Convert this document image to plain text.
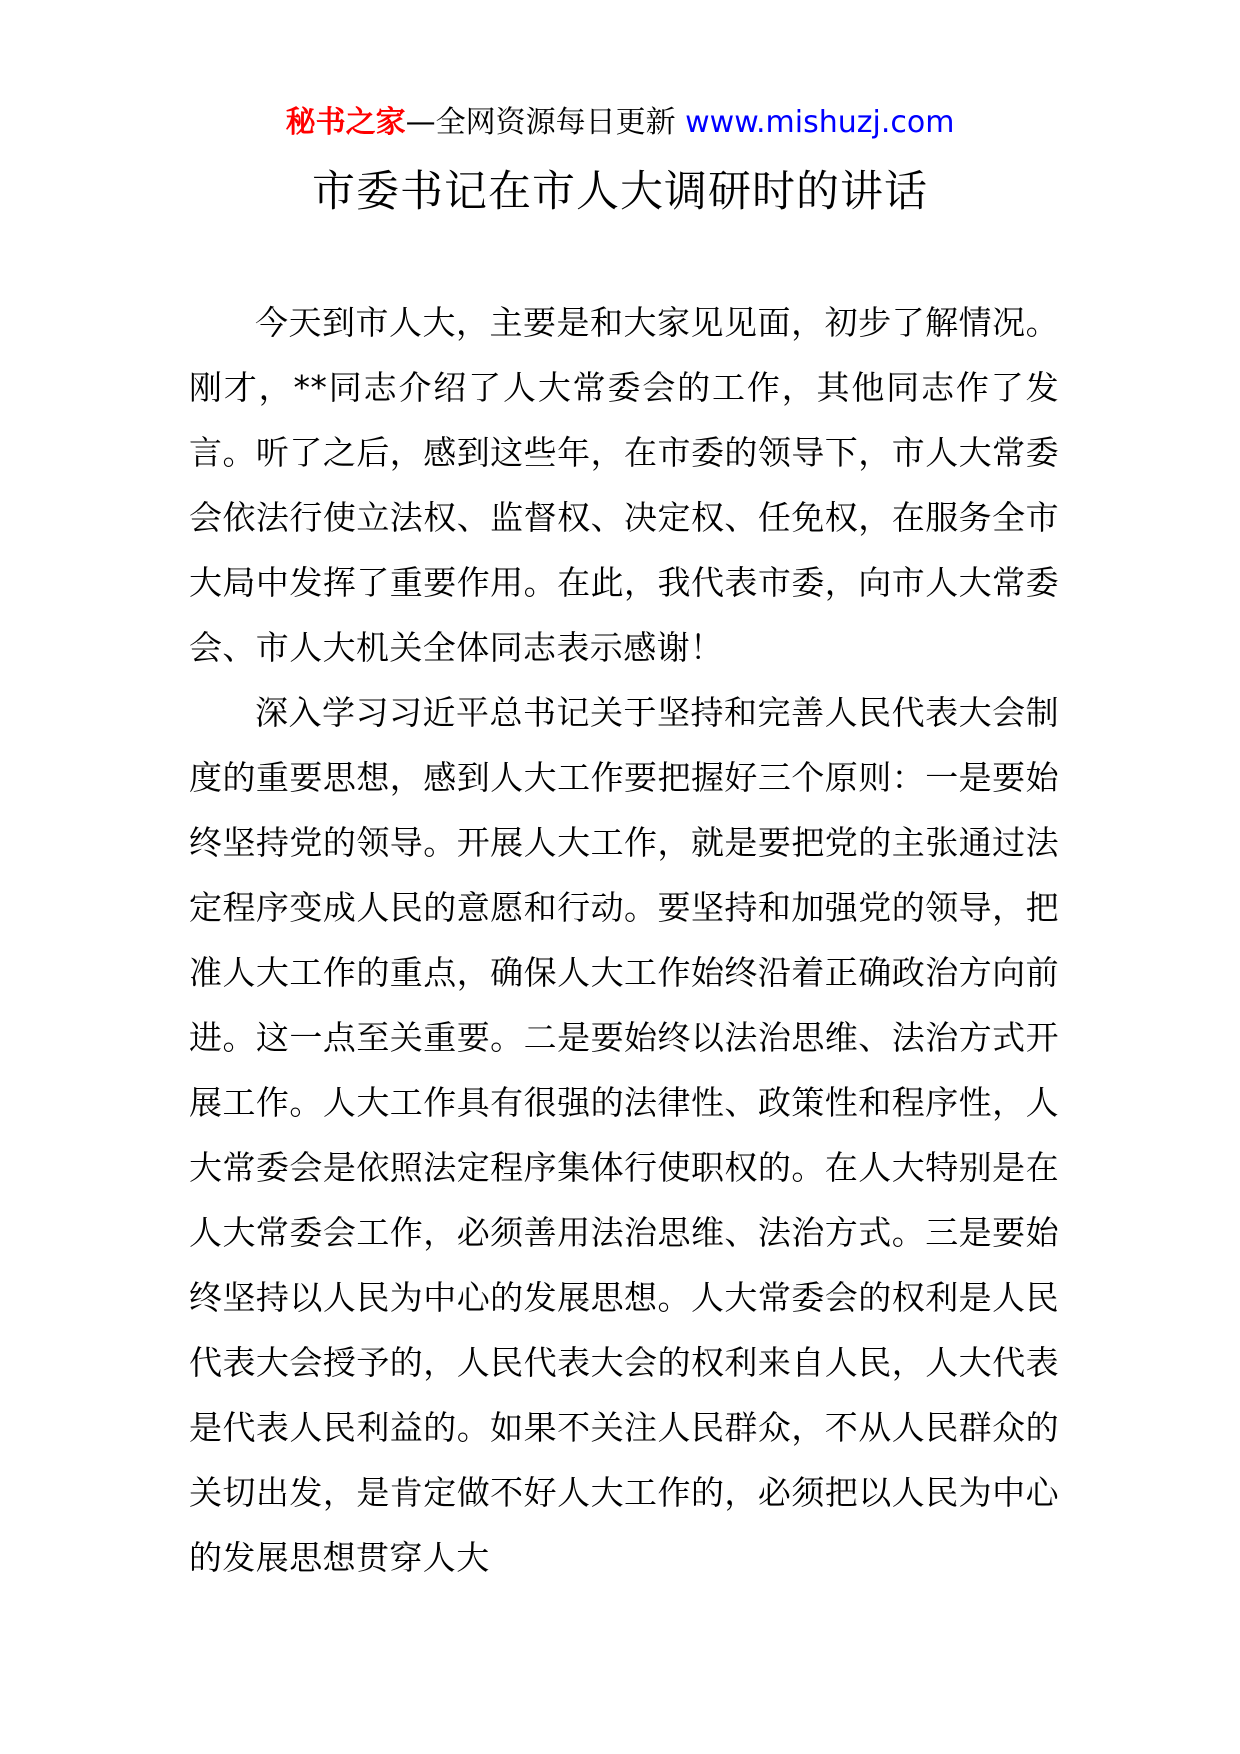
秘书之家—全网资源每日更新 www.mishuzj.com
市委书记在市人大调研时的讲话

今天到市人大，主要是和大家见见面，初步了解情况。刚才，**同志介绍了人大常委会的工作，其他同志作了发言。听了之后，感到这些年，在市委的领导下，市人大常委会依法行使立法权、监督权、决定权、任免权，在服务全市大局中发挥了重要作用。在此，我代表市委，向市人大常委会、市人大机关全体同志表示感谢！

深入学习习近平总书记关于坚持和完善人民代表大会制度的重要思想，感到人大工作要把握好三个原则：一是要始终坚持党的领导。开展人大工作，就是要把党的主张通过法定程序变成人民的意愿和行动。要坚持和加强党的领导，把准人大工作的重点，确保人大工作始终沿着正确政治方向前进。这一点至关重要。二是要始终以法治思维、法治方式开展工作。人大工作具有很强的法律性、政策性和程序性，人大常委会是依照法定程序集体行使职权的。在人大特别是在人大常委会工作，必须善用法治思维、法治方式。三是要始终坚持以人民为中心的发展思想。人大常委会的权利是人民代表大会授予的，人民代表大会的权利来自人民，人大代表是代表人民利益的。如果不关注人民群众，不从人民群众的关切出发，是肯定做不好人大工作的，必须把以人民为中心的发展思想贯穿人大
